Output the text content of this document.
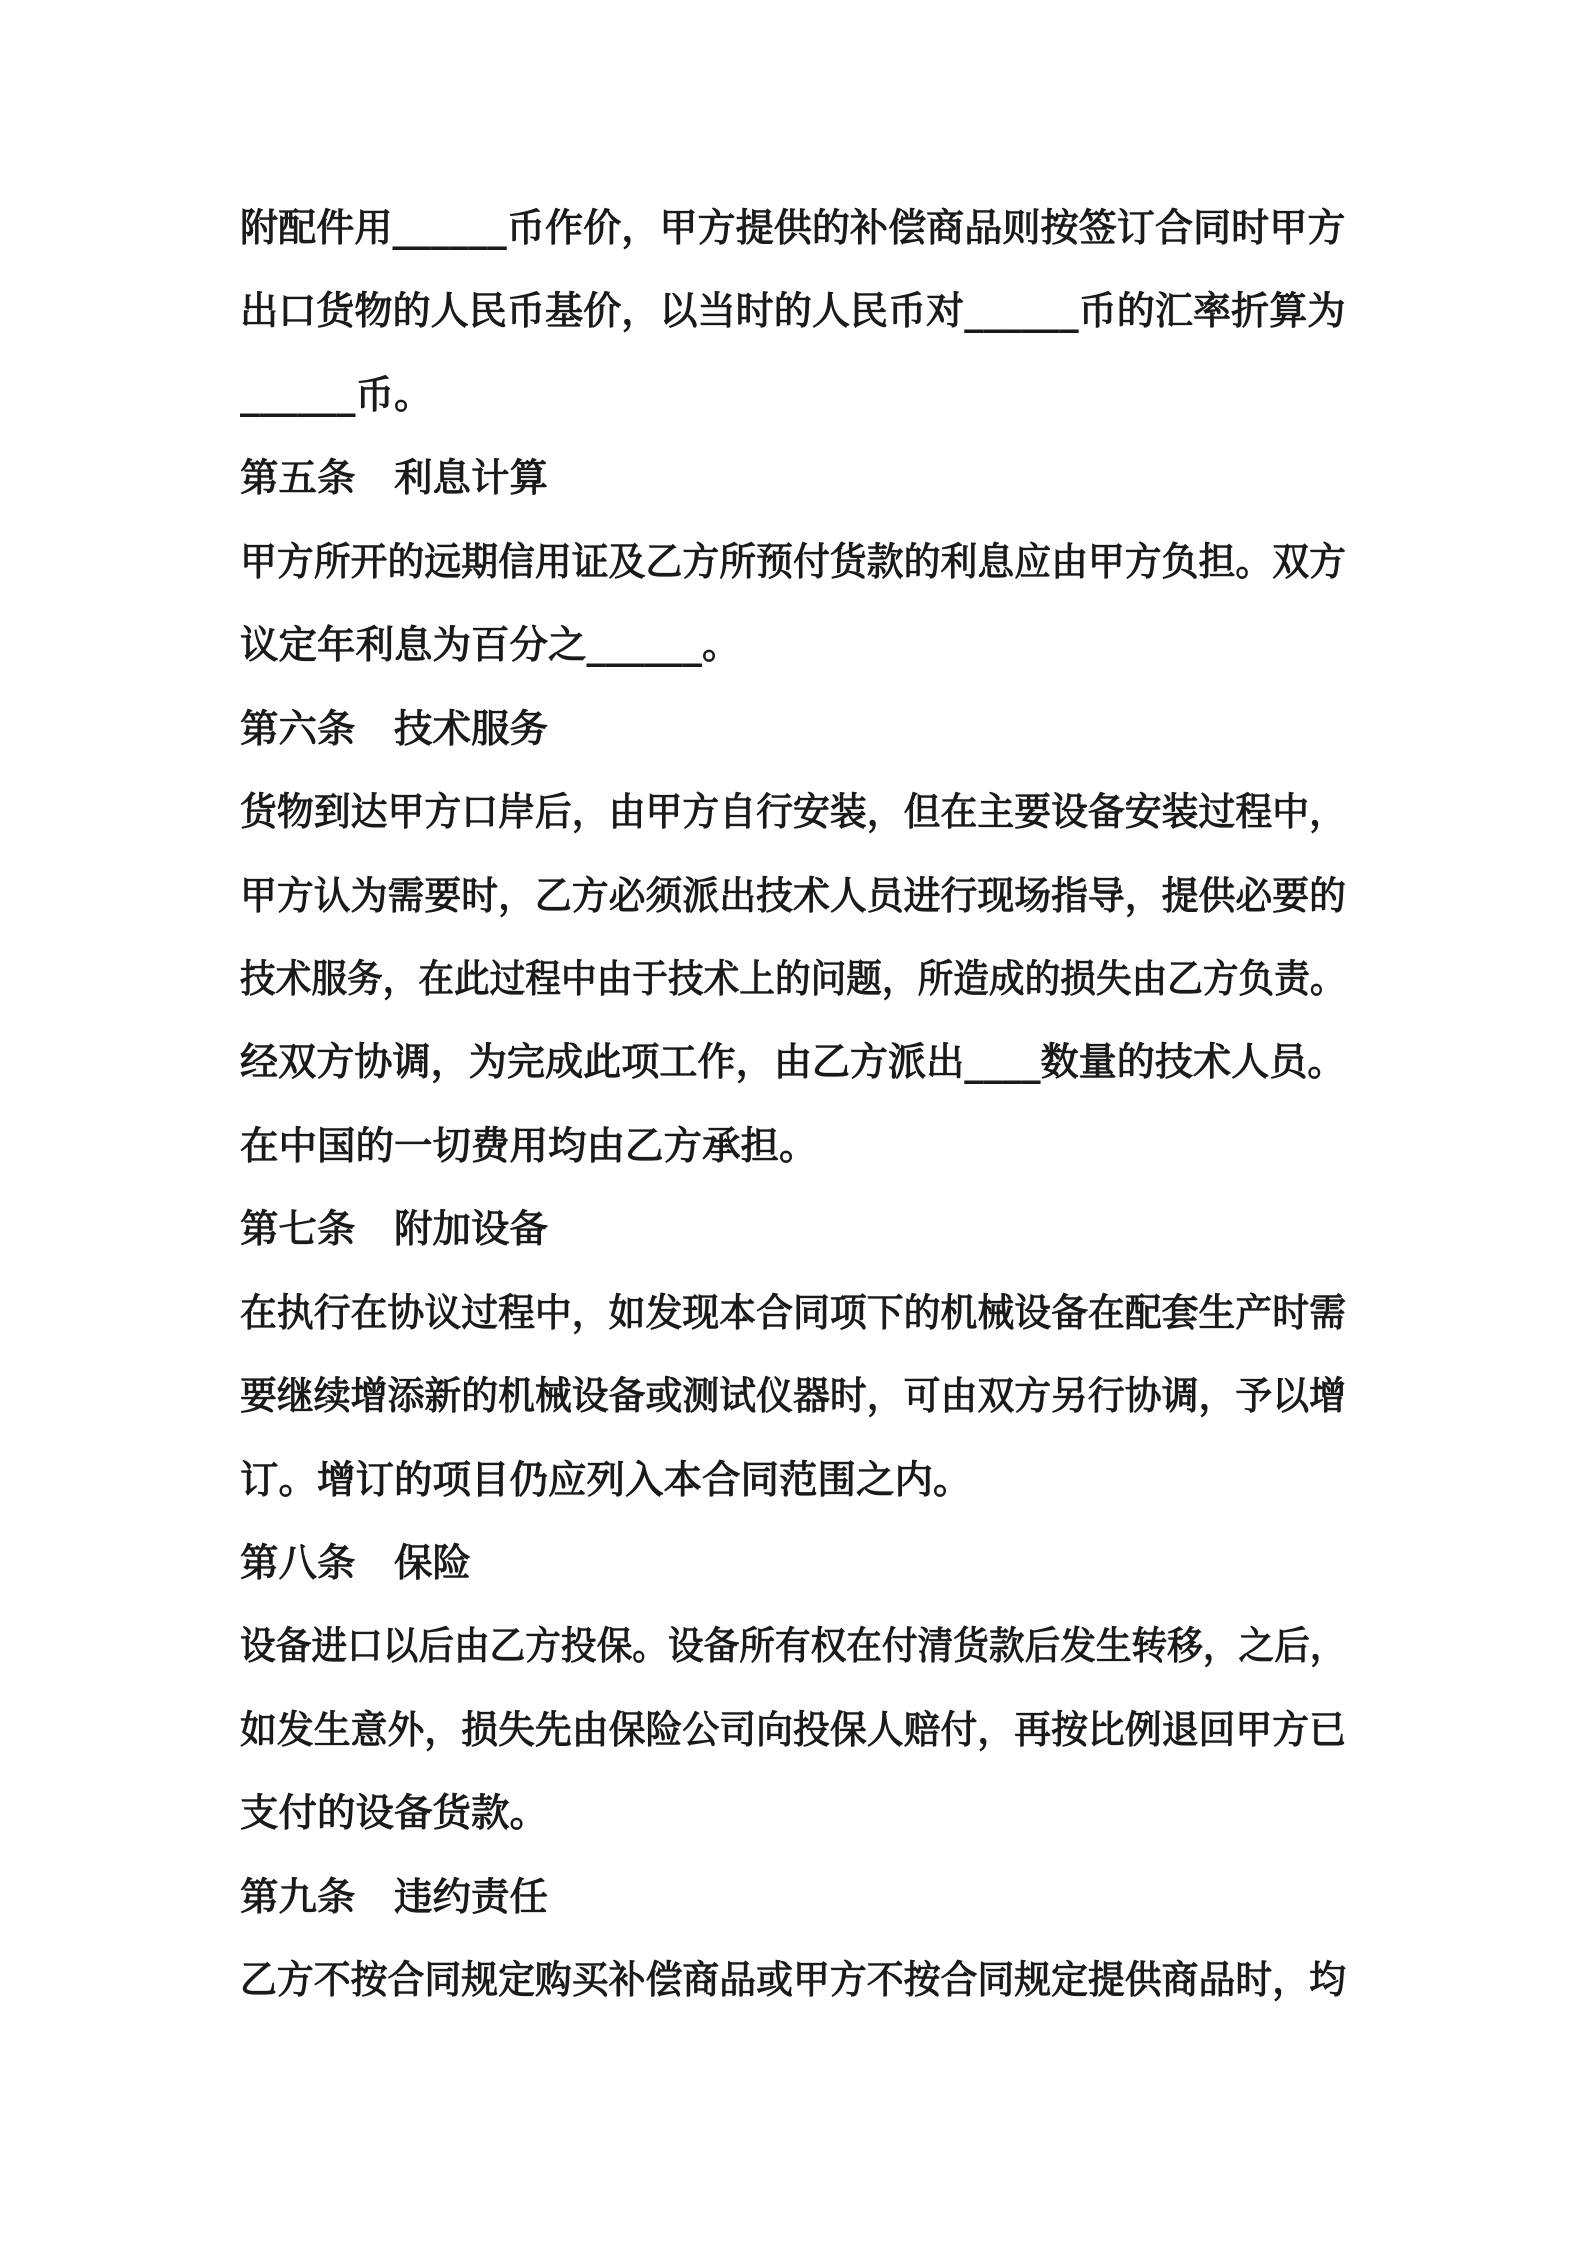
附配件用______币作价，甲方提供的补偿商品则按签订合同时甲方
出口货物的人民币基价，以当时的人民币对______币的汇率折算为
______币。
第五条　利息计算
甲方所开的远期信用证及乙方所预付货款的利息应由甲方负担。双方
议定年利息为百分之______。
第六条　技术服务
货物到达甲方口岸后，由甲方自行安装，但在主要设备安装过程中，
甲方认为需要时，乙方必须派出技术人员进行现场指导，提供必要的
技术服务，在此过程中由于技术上的问题，所造成的损失由乙方负责。
经双方协调，为完成此项工作，由乙方派出____数量的技术人员。
在中国的一切费用均由乙方承担。
第七条　附加设备
在执行在协议过程中，如发现本合同项下的机械设备在配套生产时需
要继续增添新的机械设备或测试仪器时，可由双方另行协调，予以增
订。增订的项目仍应列入本合同范围之内。
第八条　保险
设备进口以后由乙方投保。设备所有权在付清货款后发生转移，之后，
如发生意外，损失先由保险公司向投保人赔付，再按比例退回甲方已
支付的设备货款。
第九条　违约责任
乙方不按合同规定购买补偿商品或甲方不按合同规定提供商品时，均
